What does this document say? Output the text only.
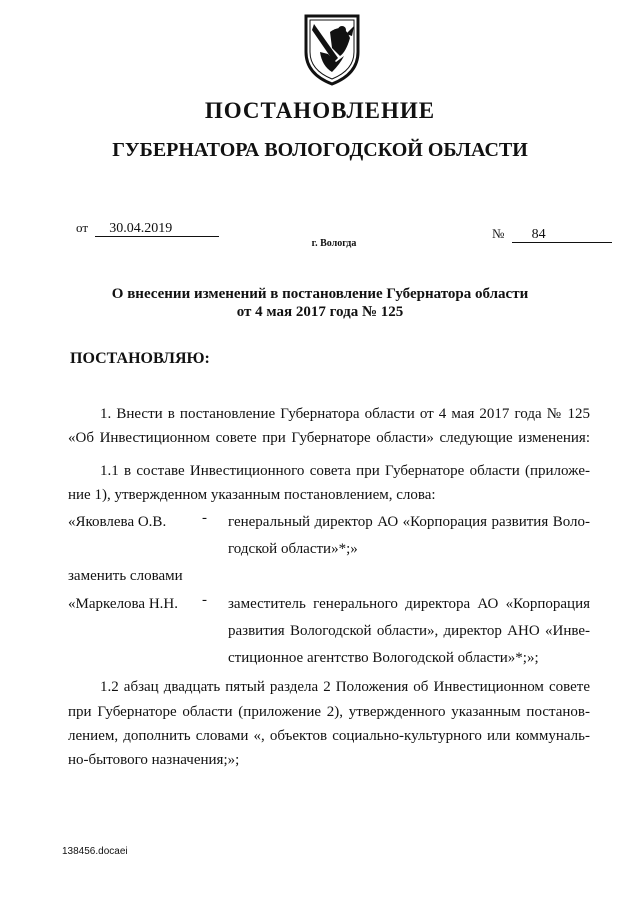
ПОСТАНОВЛЕНИЕ
ГУБЕРНАТОРА ВОЛОГОДСКОЙ ОБЛАСТИ
от 30.04.2019	№ 84
г. Вологда
О внесении изменений в постановление Губернатора области
от 4 мая 2017 года № 125
ПОСТАНОВЛЯЮ:
1. Внести в постановление Губернатора области от 4 мая 2017 года № 125
«Об Инвестиционном совете при Губернаторе области» следующие изменения:
1.1 в составе Инвестиционного совета при Губернаторе области (приложе-
ние 1), утвержденном указанным постановлением, слова:
«Яковлева О.В. - генеральный директор АО «Корпорация развития Воло-
годской области»*;»
заменить словами
«Маркелова Н.Н. - заместитель генерального директора АО «Корпорация
развития Вологодской области», директор АНО «Инве-
стиционное агентство Вологодской области»*;»;
1.2 абзац двадцать пятый раздела 2 Положения об Инвестиционном совете
при Губернаторе области (приложение 2), утвержденного указанным постанов-
лением, дополнить словами «, объектов социально-культурного или коммуналь-
но-бытового назначения;»;
138456.docaei
